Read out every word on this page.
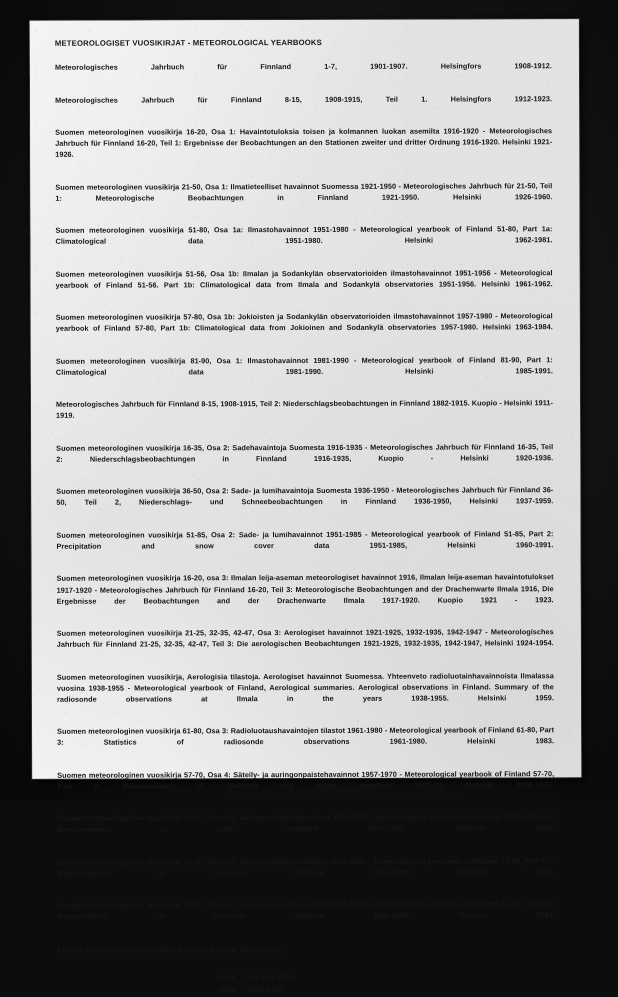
METEOROLOGISET VUOSIKIRJAT - METEOROLOGICAL YEARBOOKS
Meteorologisches Jahrbuch für Finnland 1-7, 1901-1907. Helsingfors 1908-1912.
Meteorologisches Jahrbuch für Finnland 8-15, 1908-1915, Teil 1. Helsingfors 1912-1923.
Suomen meteorologinen vuosikirja 16-20, Osa 1: Havaintotuloksia toisen ja kolmannen luokan asemilta 1916-1920 - Meteorologisches Jahrbuch für Finnland 16-20, Teil 1: Ergebnisse der Beobachtungen an den Stationen zweiter und dritter Ordnung 1916-1920. Helsinki 1921-1926.
Suomen meteorologinen vuosikirja 21-50, Osa 1: Ilmatieteelliset havainnot Suomessa 1921-1950 - Meteorologisches Jahrbuch für 21-50, Teil 1: Meteorologische Beobachtungen in Finnland 1921-1950. Helsinki 1926-1960.
Suomen meteorologinen vuosikirja 51-80, Osa 1a: Ilmastohavainnot 1951-1980 - Meteorological yearbook of Finland 51-80, Part 1a: Climatological data 1951-1980. Helsinki 1962-1981.
Suomen meteorologinen vuosikirja 51-56, Osa 1b: Ilmalan ja Sodankylän observatorioiden ilmastohavainnot 1951-1956 - Meteorological yearbook of Finland 51-56. Part 1b: Climatological data from Ilmala and Sodankylä observatories 1951-1956. Helsinki 1961-1962.
Suomen meteorologinen vuosikirja 57-80, Osa 1b: Jokioisten ja Sodankylän observatorioiden ilmastohavainnot 1957-1980 - Meteorological yearbook of Finland 57-80, Part 1b: Climatological data from Jokioinen and Sodankylä observatories 1957-1980. Helsinki 1963-1984.
Suomen meteorologinen vuosikirja 81-90, Osa 1: Ilmastohavainnot 1981-1990 - Meteorological yearbook of Finland 81-90, Part 1: Climatological data 1981-1990. Helsinki 1985-1991.
Meteorologisches Jahrbuch für Finnland 8-15, 1908-1915, Teil 2: Niederschlagsbeobachtungen in Finnland 1882-1915. Kuopio - Helsinki 1911-1919.
Suomen meteorologinen vuosikirja 16-35, Osa 2: Sadehavaintoja Suomesta 1916-1935 - Meteorologisches Jahrbuch für Finnland 16-35, Teil 2: Niederschlagsbeobachtungen in Finnland 1916-1935, Kuopio - Helsinki 1920-1936.
Suomen meteorologinen vuosikirja 36-50, Osa 2: Sade- ja lumihavaintoja Suomesta 1936-1950 - Meteorologisches Jahrbuch für Finnland 36-50, Teil 2, Niederschlags- und Schneebeobachtungen in Finnland 1936-1950, Helsinki 1937-1959.
Suomen meteorologinen vuosikirja 51-85, Osa 2: Sade- ja lumihavainnot 1951-1985 - Meteorological yearbook of Finland 51-85, Part 2: Precipitation and snow cover data 1951-1985, Helsinki 1960-1991.
Suomen meteorologinen vuosikirja 16-20, osa 3: Ilmalan leija-aseman meteorologiset havainnot 1916, Ilmalan leija-aseman havaintotulokset 1917-1920 - Meteorologisches Jahrbuch für Finnland 16-20, Teil 3: Meteorologische Beobachtungen and der Drachenwarte Ilmala 1916, Die Ergebnisse der Beobachtungen and der Drachenwarte Ilmala 1917-1920. Kuopio 1921 - 1923.
Suomen meteorologinen vuosikirja 21-25, 32-35, 42-47, Osa 3: Aerologiset havainnot 1921-1925, 1932-1935, 1942-1947 - Meteorologisches Jahrbuch für Finnland 21-25, 32-35, 42-47, Teil 3: Die aerologischen Beobachtungen 1921-1925, 1932-1935, 1942-1947, Helsinki 1924-1954.
Suomen meteorologinen vuosikirja, Aerologisia tilastoja. Aerologiset havainnot Suomessa. Yhteenveto radioluotainhavainnoista Ilmalassa vuosina 1938-1955 - Meteorological yearbook of Finland, Aerological summaries. Aerological observations in Finland. Summary of the radiosonde observations at Ilmala in the years 1938-1955. Helsinki 1959.
Suomen meteorologinen vuosikirja 61-80, Osa 3: Radioluotaushavaintojen tilastot 1961-1980 - Meteorological yearbook of Finland 61-80, Part 3: Statistics of radiosonde observations 1961-1980. Helsinki 1983.
Suomen meteorologinen vuosikirja 57-70, Osa 4: Säteily- ja auringonpaistehavainnot 1957-1970 - Meteorological yearbook of Finland 57-70, Part 4: Measurements of radiation and bright sunshine 1957-70. Helsinki 1966-1972.
Suomen meteorologinen vuosikirja 71-80, Osa 4:1: Auringonsäteilyhavainnot 1971-1980 - Meteorological yearbook of Finland 71-80, Part 4:1 Measurements of solar radiation 1971-1980. Helsinki 1982.
Suomen meteorologinen vuosikirja 71-80, Osa 4:2: Auringonpaistehavainnot 1971-1980 - Meteorological yearbook of Finland 71-80, Part 4:2: Measurements of sunshine duration 1971-1980. Helsinki 1982.
Suomen meteorologinen vuosikirja 81-82, Osa 4:2: Auringonpaistehavainnot 1981-1982 - Meteorological yearbook of Finland 81-82, Part 4:2: Measurements of sunshine duration 1981-1982. Helsinki 1984.
(Jatkuu takakannen sisäpuolella - Continued inside back cover)
ISBN 951-697-355-8
ISSN 0076-6755
